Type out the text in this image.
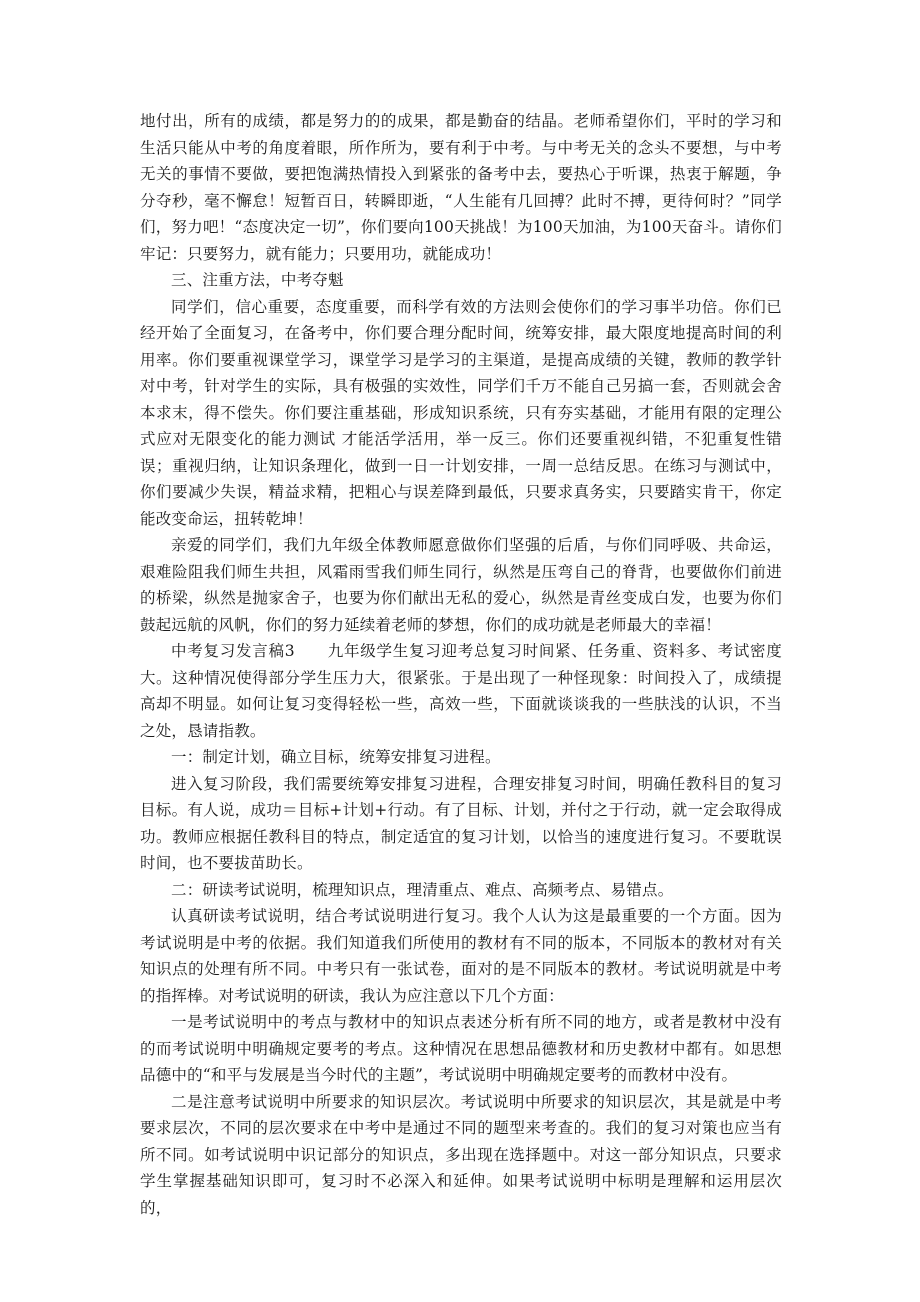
地付出，所有的成绩，都是努力的的成果，都是勤奋的结晶。老师希望你们，平时的学习和生活只能从中考的角度着眼，所作所为，要有利于中考。与中考无关的念头不要想，与中考无关的事情不要做，要把饱满热情投入到紧张的备考中去，要热心于听课，热衷于解题，争分夺秒，毫不懈怠！短暂百日，转瞬即逝，“人生能有几回搏？此时不搏，更待何时？”同学们，努力吧！“态度决定一切”，你们要向100天挑战！为100天加油，为100天奋斗。请你们牢记：只要努力，就有能力；只要用功，就能成功！

三、注重方法，中考夺魁

同学们，信心重要，态度重要，而科学有效的方法则会使你们的学习事半功倍。你们已经开始了全面复习，在备考中，你们要合理分配时间，统筹安排，最大限度地提高时间的利用率。你们要重视课堂学习，课堂学习是学习的主渠道，是提高成绩的关键，教师的教学针对中考，针对学生的实际，具有极强的实效性，同学们千万不能自己另搞一套，否则就会舍本求末，得不偿失。你们要注重基础，形成知识系统，只有夯实基础，才能用有限的定理公式应对无限变化的能力测试 才能活学活用，举一反三。你们还要重视纠错，不犯重复性错误；重视归纳，让知识条理化，做到一日一计划安排，一周一总结反思。在练习与测试中，你们要减少失误，精益求精，把粗心与误差降到最低，只要求真务实，只要踏实肯干，你定能改变命运，扭转乾坤！

亲爱的同学们，我们九年级全体教师愿意做你们坚强的后盾，与你们同呼吸、共命运，艰难险阻我们师生共担，风霜雨雪我们师生同行，纵然是压弯自己的脊背，也要做你们前进的桥梁，纵然是抛家舍子，也要为你们献出无私的爱心，纵然是青丝变成白发，也要为你们鼓起远航的风帆，你们的努力延续着老师的梦想，你们的成功就是老师最大的幸福！

中考复习发言稿3　　九年级学生复习迎考总复习时间紧、任务重、资料多、考试密度大。这种情况使得部分学生压力大，很紧张。于是出现了一种怪现象：时间投入了，成绩提高却不明显。如何让复习变得轻松一些，高效一些，下面就谈谈我的一些肤浅的认识，不当之处，恳请指教。

一：制定计划，确立目标，统筹安排复习进程。

进入复习阶段，我们需要统筹安排复习进程，合理安排复习时间，明确任教科目的复习目标。有人说，成功＝目标+计划+行动。有了目标、计划，并付之于行动，就一定会取得成功。教师应根据任教科目的特点，制定适宜的复习计划，以恰当的速度进行复习。不要耽误时间，也不要拔苗助长。

二：研读考试说明，梳理知识点，理清重点、难点、高频考点、易错点。

认真研读考试说明，结合考试说明进行复习。我个人认为这是最重要的一个方面。因为考试说明是中考的依据。我们知道我们所使用的教材有不同的版本，不同版本的教材对有关知识点的处理有所不同。中考只有一张试卷，面对的是不同版本的教材。考试说明就是中考的指挥棒。对考试说明的研读，我认为应注意以下几个方面：

一是考试说明中的考点与教材中的知识点表述分析有所不同的地方，或者是教材中没有的而考试说明中明确规定要考的考点。这种情况在思想品德教材和历史教材中都有。如思想品德中的“和平与发展是当今时代的主题”，考试说明中明确规定要考的而教材中没有。

二是注意考试说明中所要求的知识层次。考试说明中所要求的知识层次，其是就是中考要求层次，不同的层次要求在中考中是通过不同的题型来考查的。我们的复习对策也应当有所不同。如考试说明中识记部分的知识点，多出现在选择题中。对这一部分知识点，只要求学生掌握基础知识即可，复习时不必深入和延伸。如果考试说明中标明是理解和运用层次的，
